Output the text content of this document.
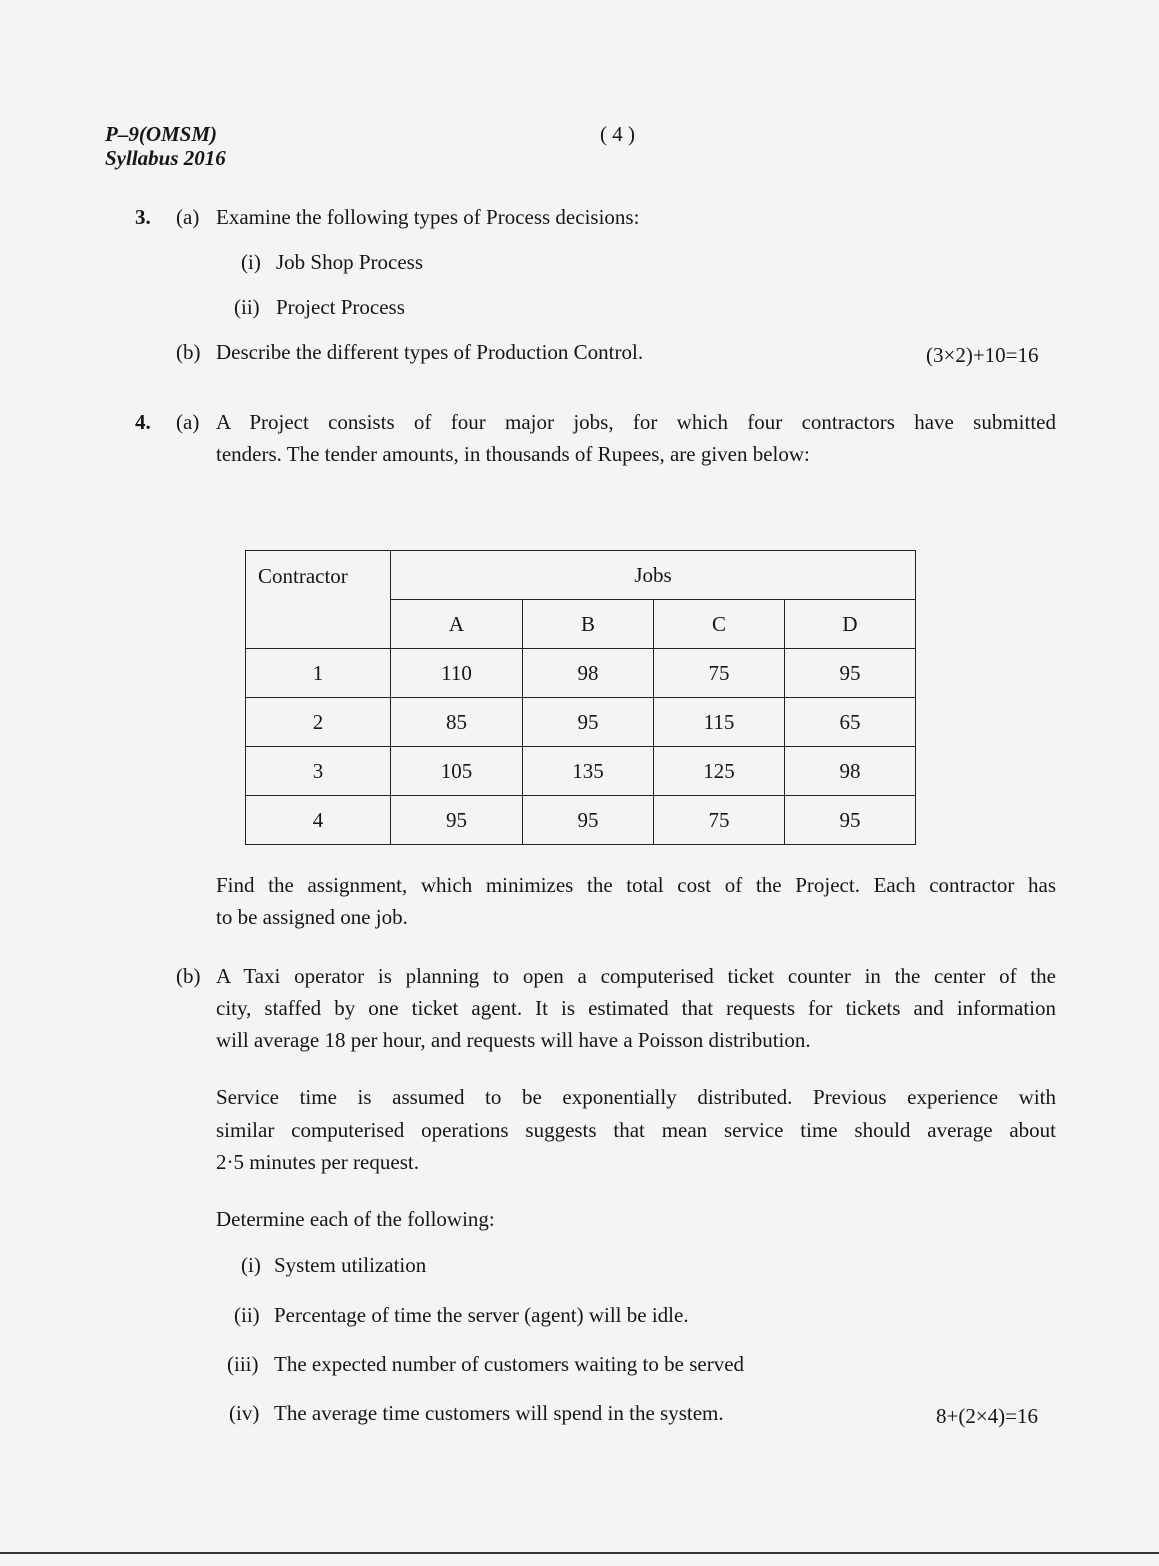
P–9(OMSM)
Syllabus 2016
( 4 )
3. (a) Examine the following types of Process decisions:
(i) Job Shop Process
(ii) Project Process
(b) Describe the different types of Production Control.	(3×2)+10=16
4. (a) A Project consists of four major jobs, for which four contractors have submitted
tenders. The tender amounts, in thousands of Rupees, are given below:
Contractor	Jobs			
	A	B	C	D
1	110	98	75	95
2	85	95	115	65
3	105	135	125	98
4	95	95	75	95
Find the assignment, which minimizes the total cost of the Project. Each contractor has
to be assigned one job.
(b) A Taxi operator is planning to open a computerised ticket counter in the center of the
city, staffed by one ticket agent. It is estimated that requests for tickets and information
will average 18 per hour, and requests will have a Poisson distribution.
Service time is assumed to be exponentially distributed. Previous experience with
similar computerised operations suggests that mean service time should average about
2·5 minutes per request.
Determine each of the following:
(i) System utilization
(ii) Percentage of time the server (agent) will be idle.
(iii) The expected number of customers waiting to be served
(iv) The average time customers will spend in the system.	8+(2×4)=16
